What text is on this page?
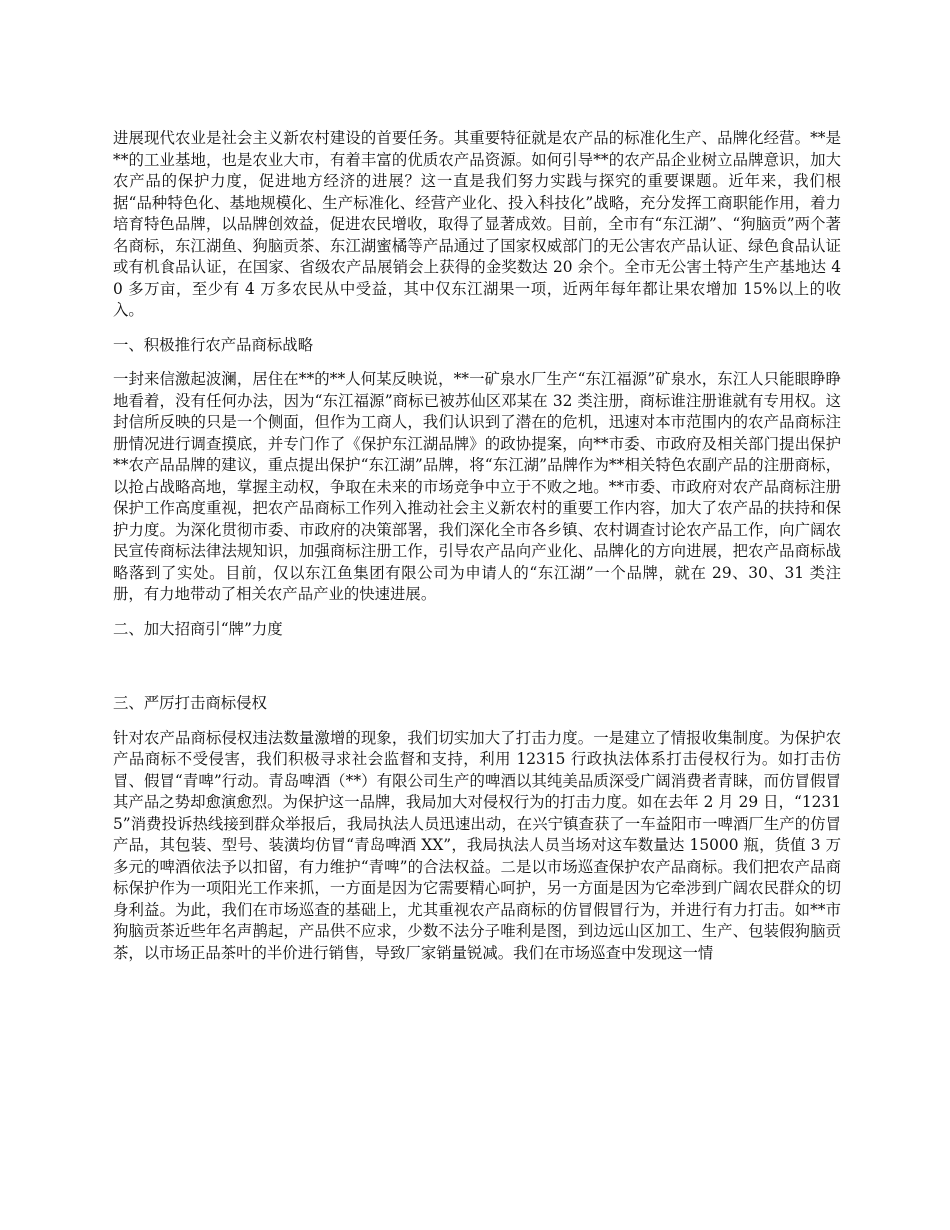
进展现代农业是社会主义新农村建设的首要任务。其重要特征就是农产品的标准化生产、品牌化经营。**是**的工业基地，也是农业大市，有着丰富的优质农产品资源。如何引导**的农产品企业树立品牌意识，加大农产品的保护力度，促进地方经济的进展？这一直是我们努力实践与探究的重要课题。近年来，我们根据“品种特色化、基地规模化、生产标准化、经营产业化、投入科技化”战略，充分发挥工商职能作用，着力培育特色品牌，以品牌创效益，促进农民增收，取得了显著成效。目前，全市有“东江湖”、“狗脑贡”两个著名商标，东江湖鱼、狗脑贡茶、东江湖蜜橘等产品通过了国家权威部门的无公害农产品认证、绿色食品认证或有机食品认证，在国家、省级农产品展销会上获得的金奖数达 20 余个。全市无公害土特产生产基地达 40 多万亩，至少有 4 万多农民从中受益，其中仅东江湖果一项，近两年每年都让果农增加 15%以上的收入。

一、积极推行农产品商标战略

一封来信激起波澜，居住在**的**人何某反映说，**一矿泉水厂生产“东江福源”矿泉水，东江人只能眼睁睁地看着，没有任何办法，因为“东江福源”商标已被苏仙区邓某在 32 类注册，商标谁注册谁就有专用权。这封信所反映的只是一个侧面，但作为工商人，我们认识到了潜在的危机，迅速对本市范围内的农产品商标注册情况进行调查摸底，并专门作了《保护东江湖品牌》的政协提案，向**市委、市政府及相关部门提出保护**农产品品牌的建议，重点提出保护“东江湖”品牌，将“东江湖”品牌作为**相关特色农副产品的注册商标，以抢占战略高地，掌握主动权，争取在未来的市场竞争中立于不败之地。**市委、市政府对农产品商标注册保护工作高度重视，把农产品商标工作列入推动社会主义新农村的重要工作内容，加大了农产品的扶持和保护力度。为深化贯彻市委、市政府的决策部署，我们深化全市各乡镇、农村调查讨论农产品工作，向广阔农民宣传商标法律法规知识，加强商标注册工作，引导农产品向产业化、品牌化的方向进展，把农产品商标战略落到了实处。目前，仅以东江鱼集团有限公司为申请人的“东江湖”一个品牌，就在 29、30、31 类注册，有力地带动了相关农产品产业的快速进展。

二、加大招商引“牌”力度

三、严厉打击商标侵权

针对农产品商标侵权违法数量激增的现象，我们切实加大了打击力度。一是建立了情报收集制度。为保护农产品商标不受侵害，我们积极寻求社会监督和支持，利用 12315 行政执法体系打击侵权行为。如打击仿冒、假冒“青啤”行动。青岛啤酒（**）有限公司生产的啤酒以其纯美品质深受广阔消费者青睐，而仿冒假冒其产品之势却愈演愈烈。为保护这一品牌，我局加大对侵权行为的打击力度。如在去年 2 月 29 日，“12315”消费投诉热线接到群众举报后，我局执法人员迅速出动，在兴宁镇查获了一车益阳市一啤酒厂生产的仿冒产品，其包装、型号、装潢均仿冒“青岛啤酒 XX”，我局执法人员当场对这车数量达 15000 瓶，货值 3 万多元的啤酒依法予以扣留，有力维护“青啤”的合法权益。二是以市场巡查保护农产品商标。我们把农产品商标保护作为一项阳光工作来抓，一方面是因为它需要精心呵护，另一方面是因为它牵涉到广阔农民群众的切身利益。为此，我们在市场巡查的基础上，尤其重视农产品商标的仿冒假冒行为，并进行有力打击。如**市狗脑贡茶近些年名声鹊起，产品供不应求，少数不法分子唯利是图，到边远山区加工、生产、包装假狗脑贡茶，以市场正品茶叶的半价进行销售，导致厂家销量锐减。我们在市场巡查中发现这一情
